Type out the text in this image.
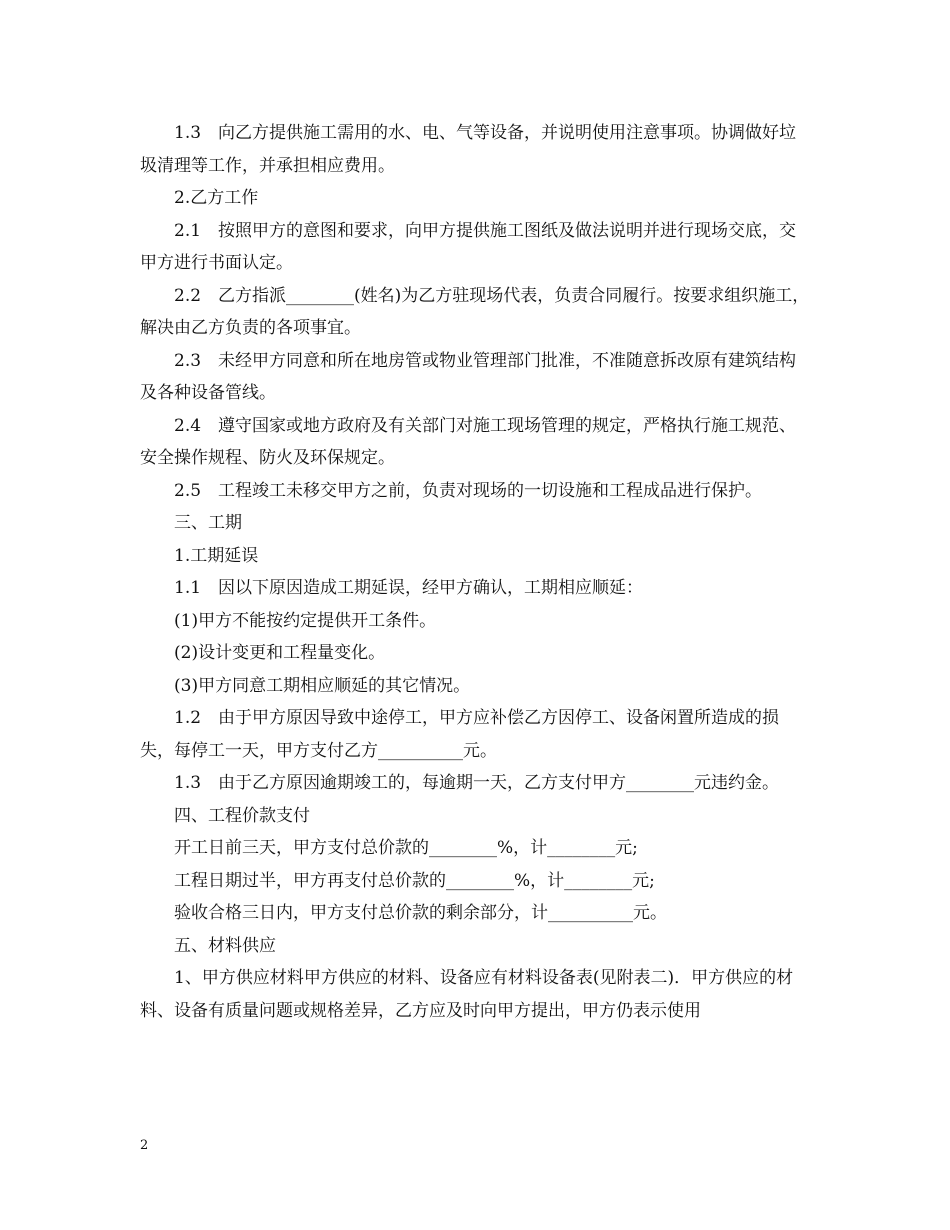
1.3　向乙方提供施工需用的水、电、气等设备，并说明使用注意事项。协调做好垃圾清理等工作，并承担相应费用。

2.乙方工作

2.1　按照甲方的意图和要求，向甲方提供施工图纸及做法说明并进行现场交底，交甲方进行书面认定。

2.2　乙方指派________(姓名)为乙方驻现场代表，负责合同履行。按要求组织施工，解决由乙方负责的各项事宜。

2.3　未经甲方同意和所在地房管或物业管理部门批准，不准随意拆改原有建筑结构及各种设备管线。

2.4　遵守国家或地方政府及有关部门对施工现场管理的规定，严格执行施工规范、安全操作规程、防火及环保规定。

2.5　工程竣工未移交甲方之前，负责对现场的一切设施和工程成品进行保护。

三、工期

1.工期延误

1.1　因以下原因造成工期延误，经甲方确认，工期相应顺延：

(1)甲方不能按约定提供开工条件。

(2)设计变更和工程量变化。

(3)甲方同意工期相应顺延的其它情况。

1.2　由于甲方原因导致中途停工，甲方应补偿乙方因停工、设备闲置所造成的损失，每停工一天，甲方支付乙方__________元。

1.3　由于乙方原因逾期竣工的，每逾期一天，乙方支付甲方________元违约金。

四、工程价款支付

开工日前三天，甲方支付总价款的________%，计________元;

工程日期过半，甲方再支付总价款的________%，计________元;

验收合格三日内，甲方支付总价款的剩余部分，计__________元。

五、材料供应

1、甲方供应材料甲方供应的材料、设备应有材料设备表(见附表二)．甲方供应的材料、设备有质量问题或规格差异，乙方应及时向甲方提出，甲方仍表示使用

2
